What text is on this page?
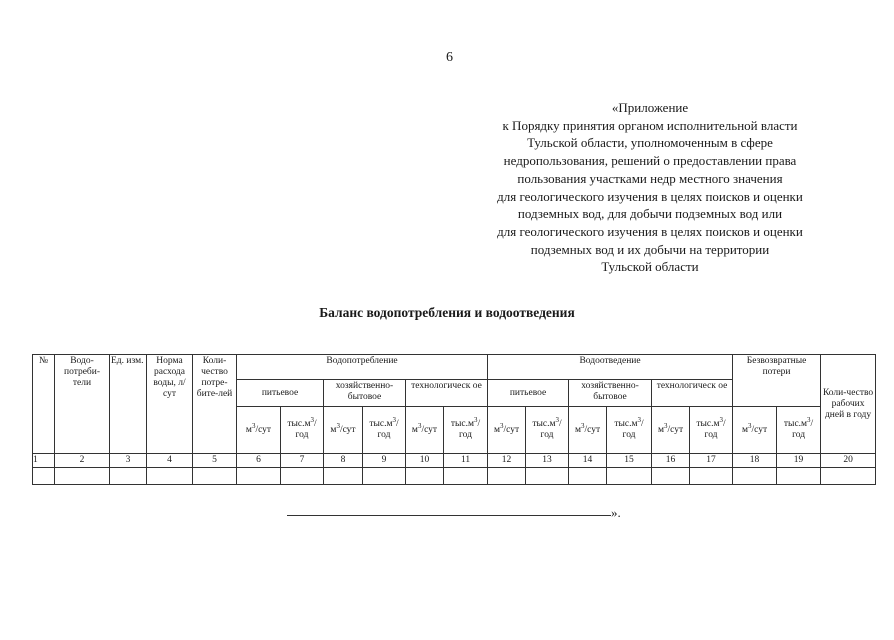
6
«Приложение
к Порядку принятия органом исполнительной власти
Тульской области, уполномоченным в сфере
недропользования, решений о предоставлении права
пользования участками недр местного значения
для геологического изучения в целях поисков и оценки
подземных вод, для добычи подземных вод или
для геологического изучения в целях поисков и оценки
подземных вод и их добычи на территории
Тульской области
Баланс водопотребления и водоотведения
№	Водо-потреби-тели	Ед. изм.	Норма расхода воды, л/сут	Коли-чество потре-бите-лей	Водопотребление						Водоотведение						Безвозвратные потери		Коли-чество рабочих дней в году
					питьевое		хозяйственно-бытовое		технологическ ое		питьевое		хозяйственно-бытовое		технологическ ое				
					$м^3$/сут	$тыс.м^3/$ год	$м^3$/сут	$тыс.м^3/$ год	$м^3$/сут	$тыс.м^3/$ год	$м^3$/сут	$тыс.м^3/$ год	$м^3$/сут	$тыс.м^3/$ год	$м^3$/сут	$тыс.м^3/$ год	$м^3$/сут	$тыс.м^3/$ год	
1	2	3	4	5	6	7	8	9	10	11	12	13	14	15	16	17	18	19	20

».
